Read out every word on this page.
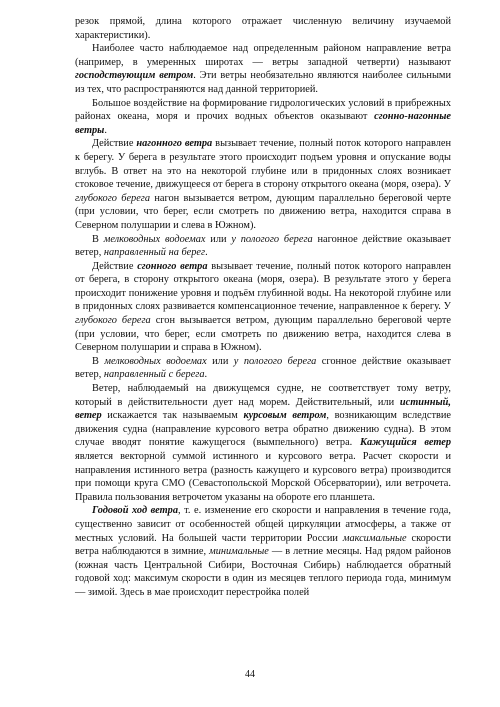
резок прямой, длина которого отражает численную величину изучаемой характеристики).

Наиболее часто наблюдаемое над определенным районом направление ветра (например, в умеренных широтах — ветры западной четверти) называют господствующим ветром. Эти ветры необязательно являются наиболее сильными из тех, что распространяются над данной территорией.

Большое воздействие на формирование гидрологических условий в прибрежных районах океана, моря и прочих водных объектов оказывают сгонно-нагонные ветры.

Действие нагонного ветра вызывает течение, полный поток которого направлен к берегу. У берега в результате этого происходит подъем уровня и опускание воды вглубь. В ответ на это на некоторой глубине или в придонных слоях возникает стоковое течение, движущееся от берега в сторону открытого океана (моря, озера). У глубокого берега нагон вызывается ветром, дующим параллельно береговой черте (при условии, что берег, если смотреть по движению ветра, находится справа в Северном полушарии и слева в Южном).

В мелководных водоемах или у пологого берега нагонное действие оказывает ветер, направленный на берег.

Действие сгонного ветра вызывает течение, полный поток которого направлен от берега, в сторону открытого океана (моря, озера). В результате этого у берега происходит понижение уровня и подъём глубинной воды. На некоторой глубине или в придонных слоях развивается компенсационное течение, направленное к берегу. У глубокого берега сгон вызывается ветром, дующим параллельно береговой черте (при условии, что берег, если смотреть по движению ветра, находится слева в Северном полушарии и справа в Южном).

В мелководных водоемах или у пологого берега сгонное действие оказывает ветер, направленный с берега.

Ветер, наблюдаемый на движущемся судне, не соответствует тому ветру, который в действительности дует над морем. Действительный, или истинный, ветер искажается так называемым курсовым ветром, возникающим вследствие движения судна (направление курсового ветра обратно движению судна). В этом случае вводят понятие кажущегося (вымпельного) ветра. Кажущийся ветер является векторной суммой истинного и курсового ветра. Расчет скорости и направления истинного ветра (разность кажущего и курсового ветра) производится при помощи круга СМО (Севастопольской Морской Обсерватории), или ветрочета. Правила пользования ветрочетом указаны на обороте его планшета.

Годовой ход ветра, т. е. изменение его скорости и направления в течение года, существенно зависит от особенностей общей циркуляции атмосферы, а также от местных условий. На большей части территории России максимальные скорости ветра наблюдаются в зимние, минимальные — в летние месяцы. Над рядом районов (южная часть Центральной Сибири, Восточная Сибирь) наблюдается обратный годовой ход: максимум скорости в один из месяцев теплого периода года, минимум — зимой. Здесь в мае происходит перестройка полей

44
